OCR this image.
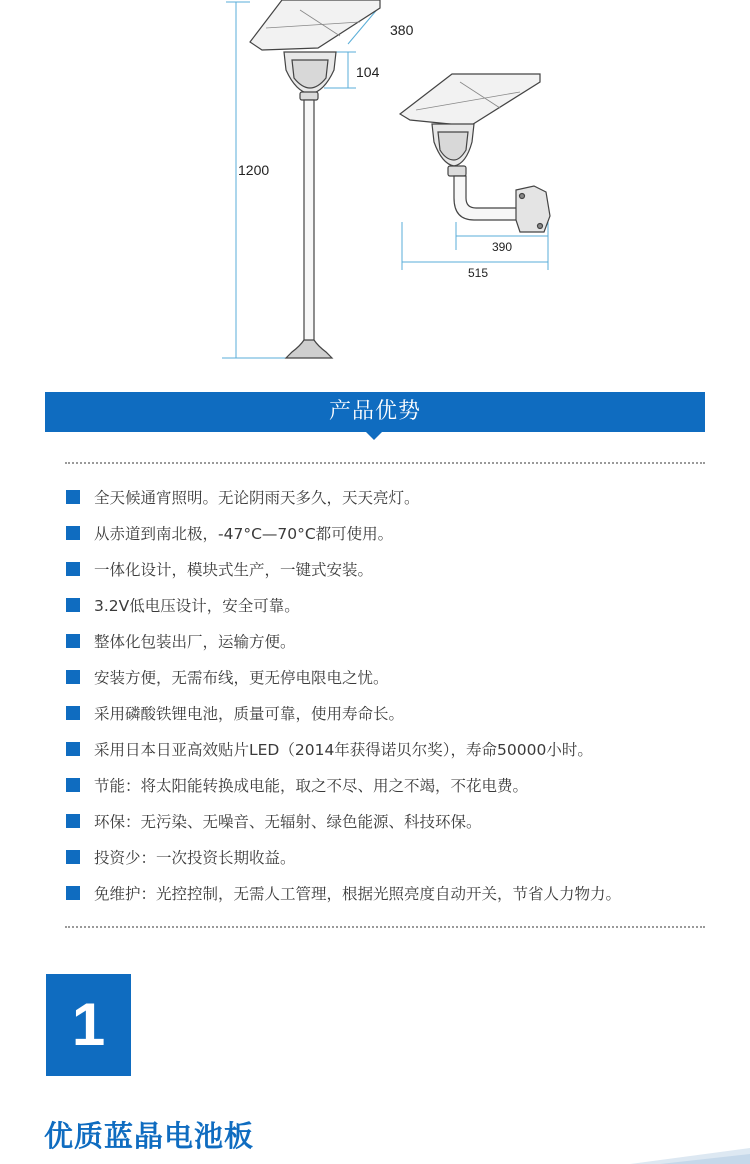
380
104
1200
390
515
产品优势
全天候通宵照明。无论阴雨天多久，天天亮灯。
从赤道到南北极，-47°C—70°C都可使用。
一体化设计，模块式生产，一键式安装。
3.2V低电压设计，安全可靠。
整体化包装出厂，运输方便。
安装方便，无需布线，更无停电限电之忧。
采用磷酸铁锂电池，质量可靠，使用寿命长。
采用日本日亚高效贴片LED（2014年获得诺贝尔奖），寿命50000小时。
节能：将太阳能转换成电能，取之不尽、用之不竭，不花电费。
环保：无污染、无噪音、无辐射、绿色能源、科技环保。
投资少：一次投资长期收益。
免维护：光控控制，无需人工管理，根据光照亮度自动开关，节省人力物力。
1
优质蓝晶电池板
